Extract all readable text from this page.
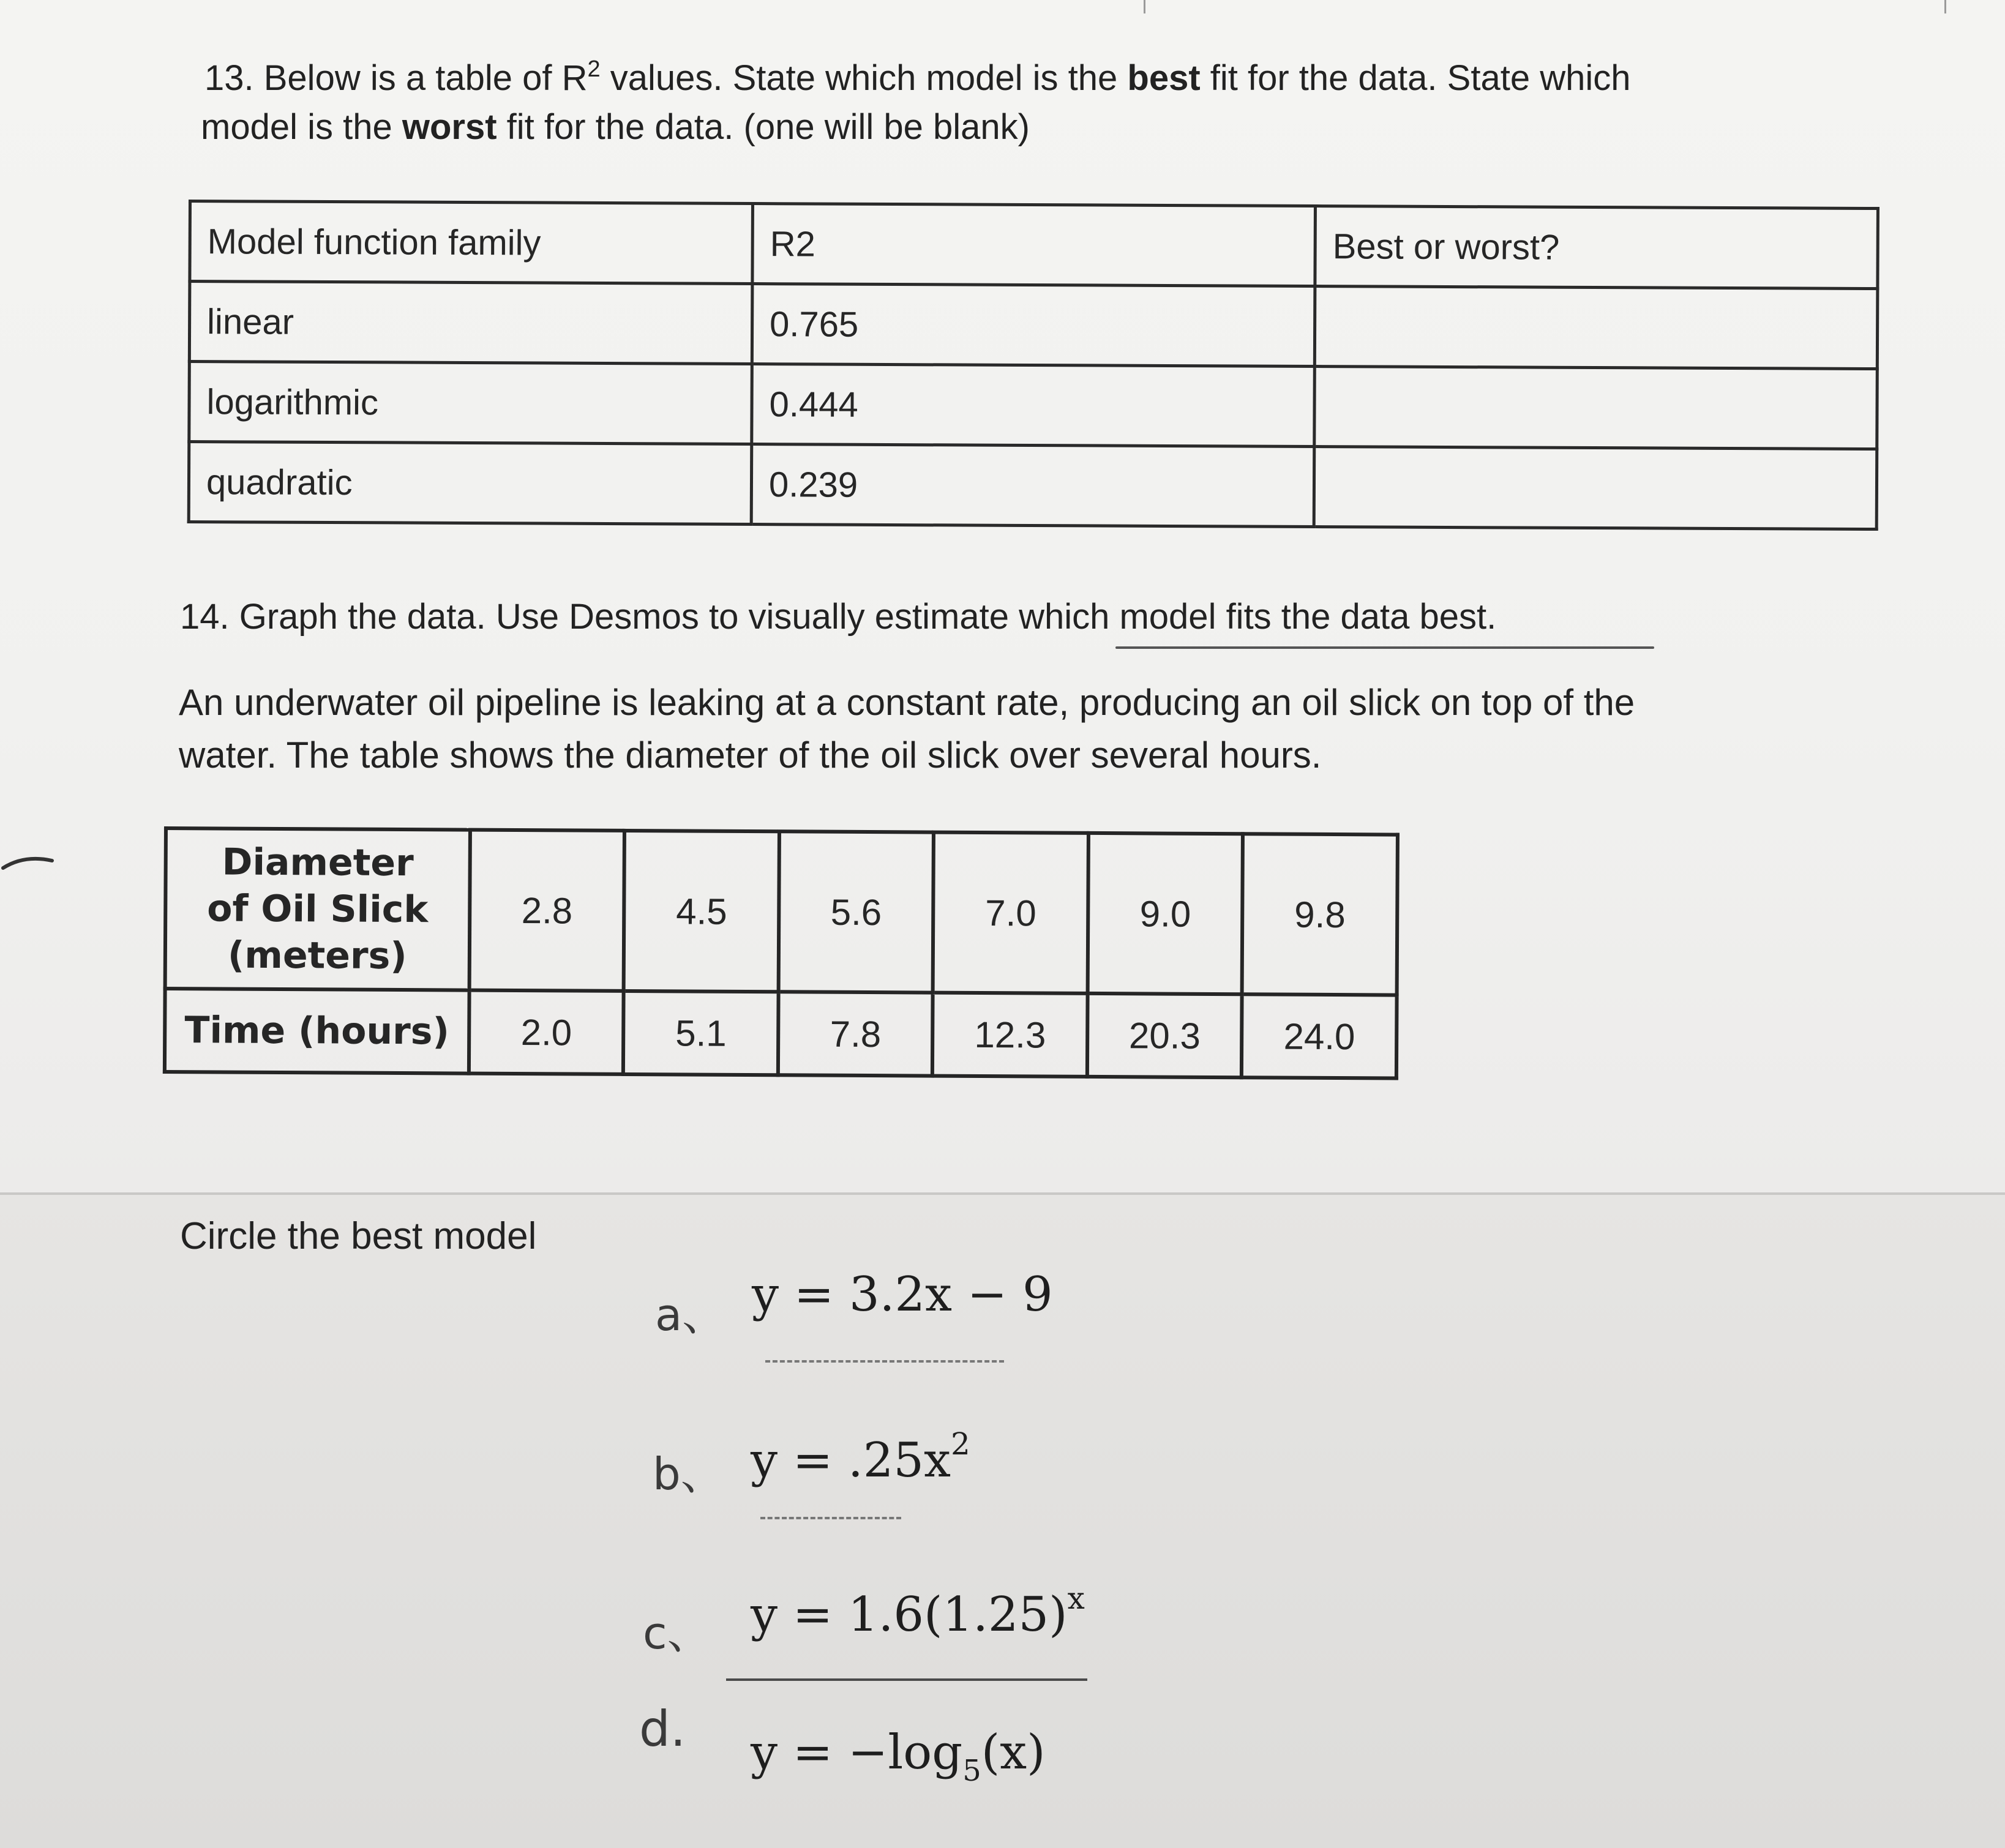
13. Below is a table of $R^2$ values. State which model is the best fit for the data. State which
model is the worst fit for the data. (one will be blank)
Model function family	R2	Best or worst?
linear	0.765	
logarithmic	0.444	
quadratic	0.239	
14. Graph the data. Use Desmos to visually estimate which model fits the data best.
An underwater oil pipeline is leaking at a constant rate, producing an oil slick on top of the
water. The table shows the diameter of the oil slick over several hours.
Diameter
of Oil Slick
(meters)	2.8	4.5	5.6	7.0	9.0	9.8
Time (hours)	2.0	5.1	7.8	12.3	20.3	24.0
Circle the best model
a、 y = 3.2x − 9
b、 $y = .25x^2$
c、 $y = 1.6(1.25)^x$
d. $y = -\log_5(x)$
